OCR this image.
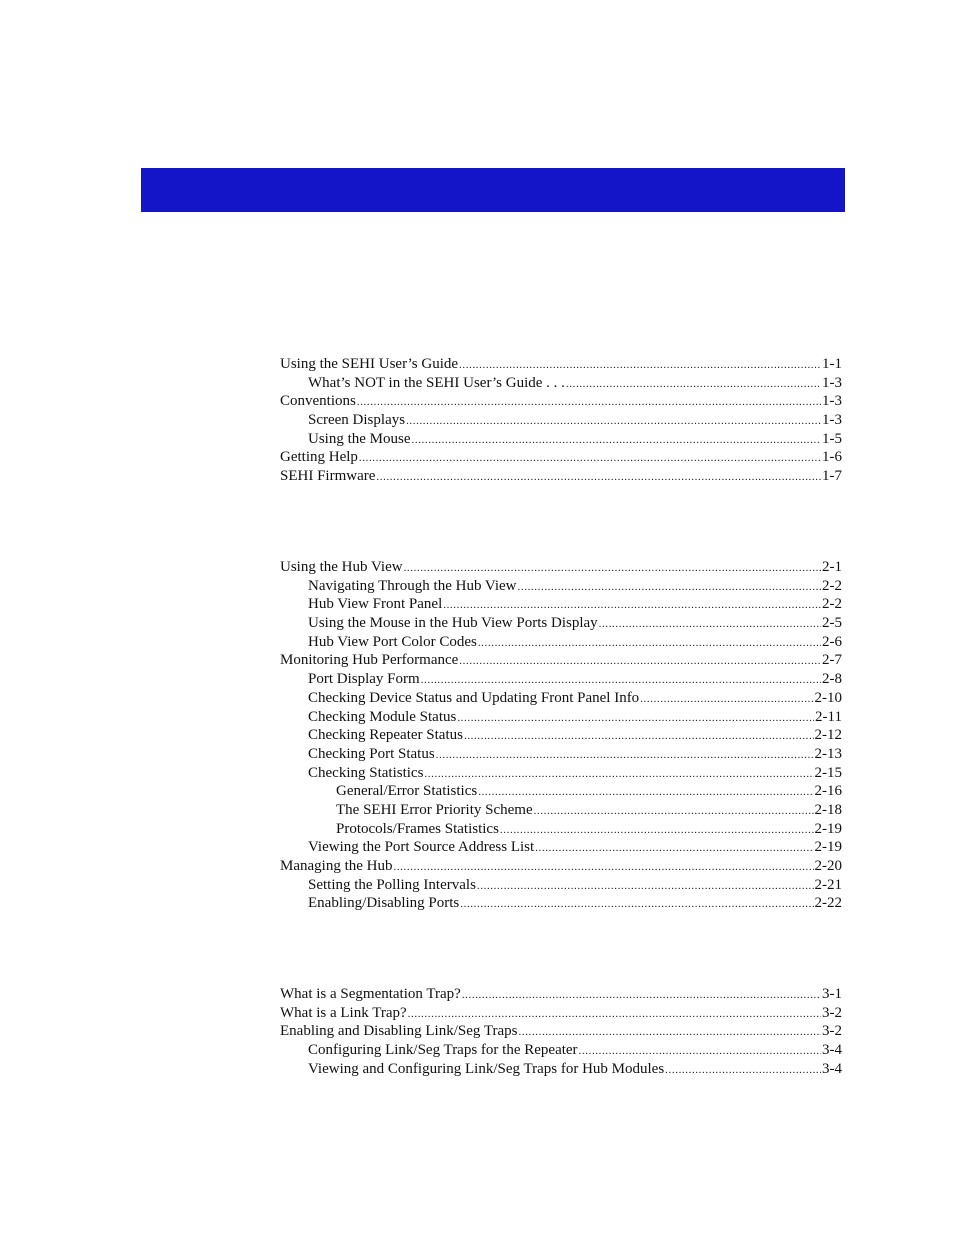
Using the SEHI User’s Guide .....	1-1
What’s NOT in the SEHI User’s Guide . . . .....	1-3
Conventions .....	1-3
Screen Displays .....	1-3
Using the Mouse .....	1-5
Getting Help .....	1-6
SEHI Firmware .....	1-7
Using the Hub View .....	2-1
Navigating Through the Hub View .....	2-2
Hub View Front Panel .....	2-2
Using the Mouse in the Hub View Ports Display .....	2-5
Hub View Port Color Codes .....	2-6
Monitoring Hub Performance .....	2-7
Port Display Form .....	2-8
Checking Device Status and Updating Front Panel Info .....	2-10
Checking Module Status .....	2-11
Checking Repeater Status .....	2-12
Checking Port Status .....	2-13
Checking Statistics .....	2-15
General/Error Statistics .....	2-16
The SEHI Error Priority Scheme .....	2-18
Protocols/Frames Statistics .....	2-19
Viewing the Port Source Address List .....	2-19
Managing the Hub .....	2-20
Setting the Polling Intervals .....	2-21
Enabling/Disabling Ports .....	2-22
What is a Segmentation Trap? .....	3-1
What is a Link Trap? .....	3-2
Enabling and Disabling Link/Seg Traps .....	3-2
Configuring Link/Seg Traps for the Repeater .....	3-4
Viewing and Configuring Link/Seg Traps for Hub Modules .....	3-4
